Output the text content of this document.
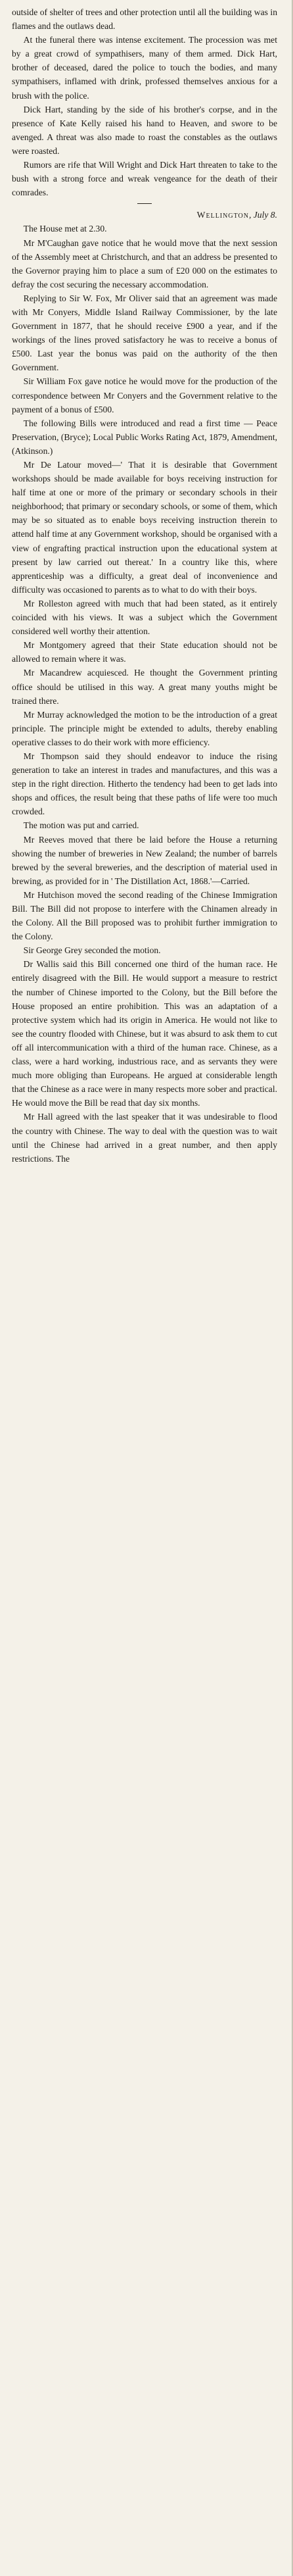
outside of shelter of trees and other protection until all the building was in flames and the outlaws dead.

At the funeral there was intense excitement. The procession was met by a great crowd of sympathisers, many of them armed. Dick Hart, brother of deceased, dared the police to touch the bodies, and many sympathisers, inflamed with drink, professed themselves anxious for a brush with the police.

Dick Hart, standing by the side of his brother's corpse, and in the presence of Kate Kelly raised his hand to Heaven, and swore to be avenged. A threat was also made to roast the constables as the outlaws were roasted.

Rumors are rife that Will Wright and Dick Hart threaten to take to the bush with a strong force and wreak vengeance for the death of their comrades.

Wellington, July 8.

The House met at 2.30.

Mr M'Caughan gave notice that he would move that the next session of the Assembly meet at Christchurch, and that an address be presented to the Governor praying him to place a sum of £20 000 on the estimates to defray the cost securing the necessary accommodation.

Replying to Sir W. Fox, Mr Oliver said that an agreement was made with Mr Conyers, Middle Island Railway Commissioner, by the late Government in 1877, that he should receive £900 a year, and if the workings of the lines proved satisfactory he was to receive a bonus of £500. Last year the bonus was paid on the authority of the then Government.

Sir William Fox gave notice he would move for the production of the correspondence between Mr Conyers and the Government relative to the payment of a bonus of £500.

The following Bills were introduced and read a first time — Peace Preservation, (Bryce); Local Public Works Rating Act, 1879, Amendment, (Atkinson.)

Mr De Latour moved—' That it is desirable that Government workshops should be made available for boys receiving instruction for half time at one or more of the primary or secondary schools in their neighborhood; that primary or secondary schools, or some of them, which may be so situated as to enable boys receiving instruction therein to attend half time at any Government workshop, should be organised with a view of engrafting practical instruction upon the educational system at present by law carried out thereat.' In a country like this, where apprenticeship was a difficulty, a great deal of inconvenience and difficulty was occasioned to parents as to what to do with their boys.

Mr Rolleston agreed with much that had been stated, as it entirely coincided with his views. It was a subject which the Government considered well worthy their attention.

Mr Montgomery agreed that their State education should not be allowed to remain where it was.

Mr Macandrew acquiesced. He thought the Government printing office should be utilised in this way. A great many youths might be trained there.

Mr Murray acknowledged the motion to be the introduction of a great principle. The principle might be extended to adults, thereby enabling operative classes to do their work with more efficiency.

Mr Thompson said they should endeavor to induce the rising generation to take an interest in trades and manufactures, and this was a step in the right direction. Hitherto the tendency had been to get lads into shops and offices, the result being that these paths of life were too much crowded.

The motion was put and carried.

Mr Reeves moved that there be laid before the House a returning showing the number of breweries in New Zealand; the number of barrels brewed by the several breweries, and the description of material used in brewing, as provided for in ' The Distillation Act, 1868.'—Carried.

Mr Hutchison moved the second reading of the Chinese Immigration Bill. The Bill did not propose to interfere with the Chinamen already in the Colony. All the Bill proposed was to prohibit further immigration to the Colony.

Sir George Grey seconded the motion.

Dr Wallis said this Bill concerned one third of the human race. He entirely disagreed with the Bill. He would support a measure to restrict the number of Chinese imported to the Colony, but the Bill before the House proposed an entire prohibition. This was an adaptation of a protective system which had its origin in America. He would not like to see the country flooded with Chinese, but it was absurd to ask them to cut off all intercommunication with a third of the human race. Chinese, as a class, were a hard working, industrious race, and as servants they were much more obliging than Europeans. He argued at considerable length that the Chinese as a race were in many respects more sober and practical. He would move the Bill be read that day six months.

Mr Hall agreed with the last speaker that it was undesirable to flood the country with Chinese. The way to deal with the question was to wait until the Chinese had arrived in a great number, and then apply restrictions. The
